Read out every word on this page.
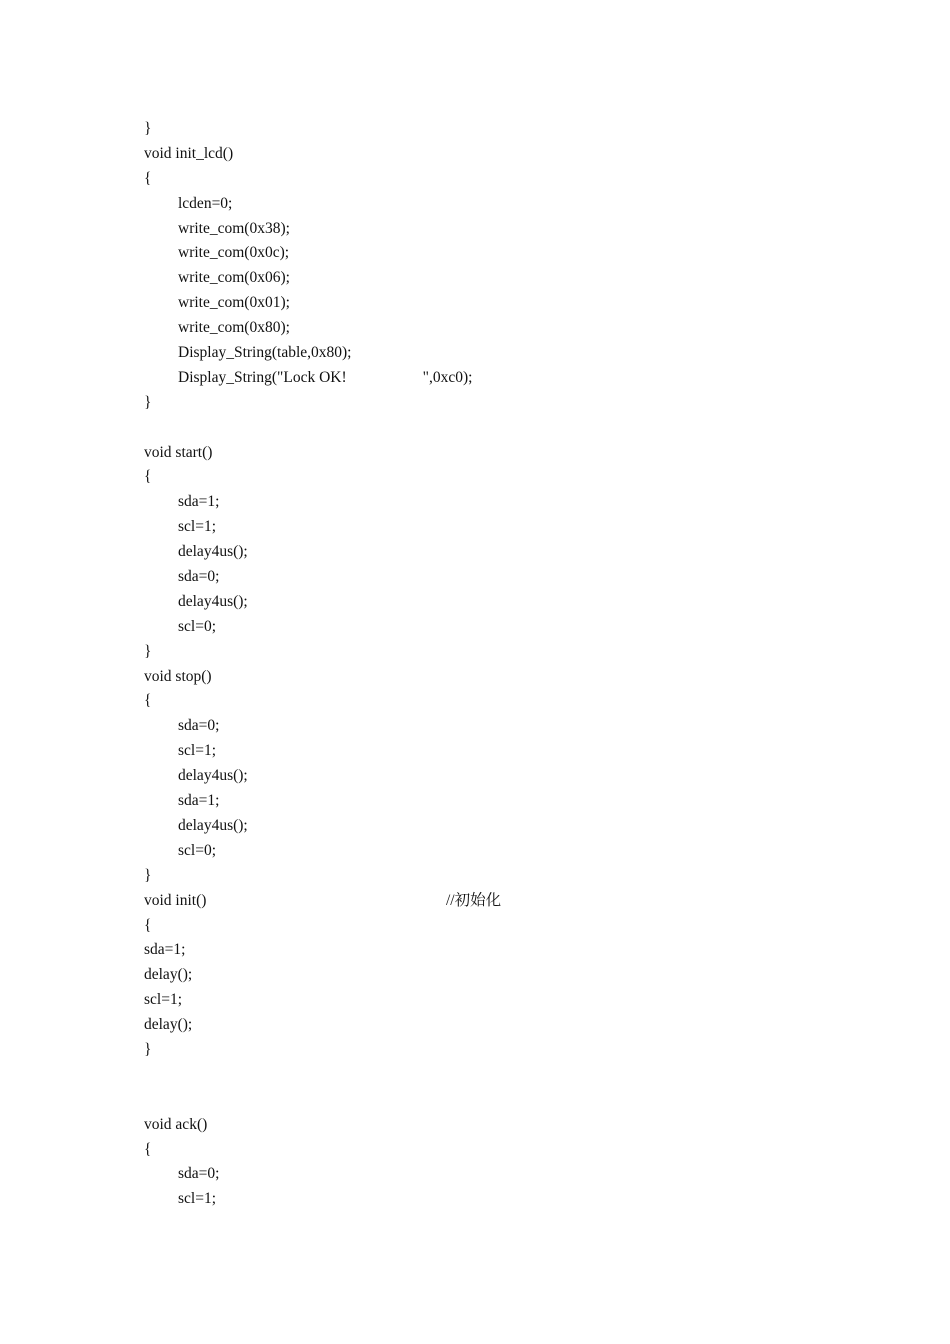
}
void init_lcd()
{
lcden=0;
write_com(0x38);
write_com(0x0c);
write_com(0x06);
write_com(0x01);
write_com(0x80);
Display_String(table,0x80);
Display_String("Lock OK!	",0xc0);
}
void start()
{
sda=1;
scl=1;
delay4us();
sda=0;
delay4us();
scl=0;
}
void stop()
{
sda=0;
scl=1;
delay4us();
sda=1;
delay4us();
scl=0;
}
void init()	//初始化
{
sda=1;
delay();
scl=1;
delay();
}
void ack()
{
sda=0;
scl=1;
